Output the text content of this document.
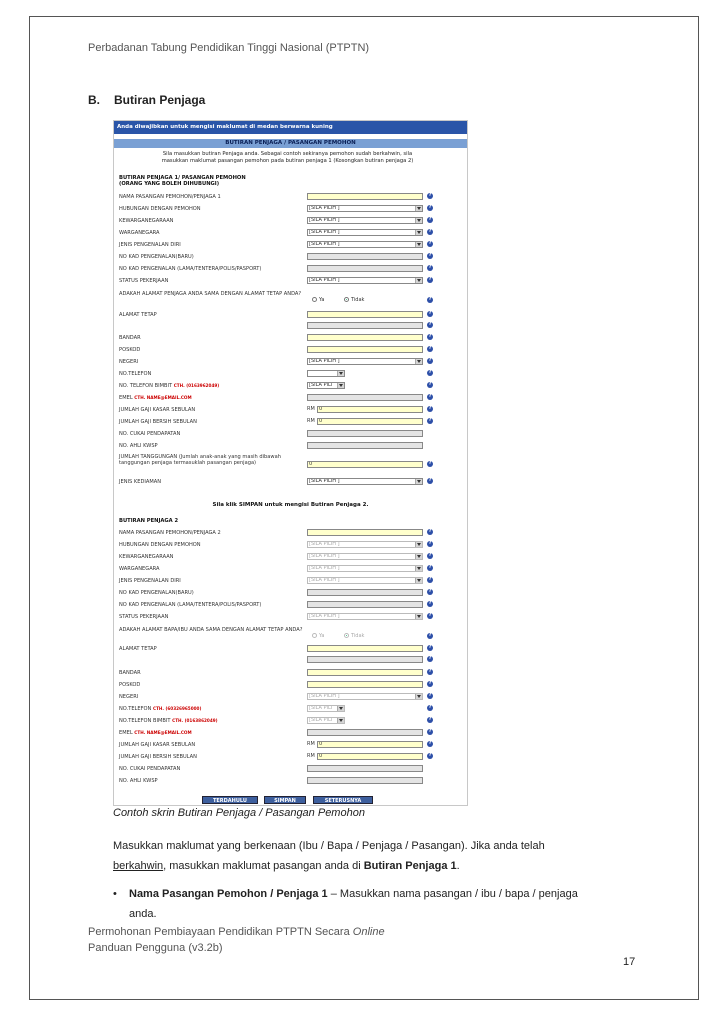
Perbadanan Tabung Pendidikan Tinggi Nasional (PTPTN)
B. Butiran Penjaga
Anda diwajibkan untuk mengisi maklumat di medan berwarna kuning
BUTIRAN PENJAGA / PASANGAN PEMOHON
Sila masukkan butiran Penjaga anda. Sebagai contoh sekiranya pemohon sudah berkahwin, sila masukkan maklumat pasangan pemohon pada butiran penjaga 1 (Kosongkan butiran penjaga 2)
BUTIRAN PENJAGA 1/ PASANGAN PEMOHON
(ORANG YANG BOLEH DIHUBUNGI)
NAMA PASANGAN PEMOHON/PENJAGA 1	?
HUBUNGAN DENGAN PEMOHON	[SILA PILIH ]	?
KEWARGANEGARAAN	[SILA PILIH ]	?
WARGANEGARA	[SILA PILIH ]	?
JENIS PENGENALAN DIRI	[SILA PILIH ]	?
NO KAD PENGENALAN(BARU)	?
NO KAD PENGENALAN (LAMA/TENTERA/POLIS/PASPORT)	?
STATUS PEKERJAAN	[SILA PILIH ]	?
ADAKAH ALAMAT PENJAGA ANDA SAMA DENGAN ALAMAT TETAP ANDA?
Ya	Tidak	?
ALAMAT TETAP	?
?
BANDAR	?
POSKOD	?
NEGERI	[SILA PILIH ]	?
NO.TELEFON	?
NO. TELEFON BIMBIT CTH. (0163962049)	[SILA PILI	?
EMEL CTH. NAME@EMAIL.COM	?
JUMLAH GAJI KASAR SEBULAN	RM 0	?
JUMLAH GAJI BERSIH SEBULAN	RM 0	?
NO. CUKAI PENDAPATAN
NO. AHLI KWSP
JUMLAH TANGGUNGAN (Jumlah anak-anak yang masih dibawah tanggungan penjaga termasuklah pasangan penjaga)	0	?
JENIS KEDIAMAN	[SILA PILIH ]	?
Sila klik SIMPAN untuk mengisi Butiran Penjaga 2.
BUTIRAN PENJAGA 2
NAMA PASANGAN PEMOHON/PENJAGA 2	?
HUBUNGAN DENGAN PEMOHON	[SILA PILIH ]	?
KEWARGANEGARAAN	[SILA PILIH ]	?
WARGANEGARA	[SILA PILIH ]	?
JENIS PENGENALAN DIRI	[SILA PILIH ]	?
NO KAD PENGENALAN(BARU)	?
NO KAD PENGENALAN (LAMA/TENTERA/POLIS/PASPORT)	?
STATUS PEKERJAAN	[SILA PILIH ]	?
ADAKAH ALAMAT BAPA/IBU ANDA SAMA DENGAN ALAMAT TETAP ANDA?
Ya	Tidak	?
ALAMAT TETAP	?
?
BANDAR	?
POSKOD	?
NEGERI	[SILA PILIH ]	?
NO.TELEFON CTH. (60326965000)	[SILA PILI	?
NO.TELEFON BIMBIT CTH. (0163862049)	[SILA PILI	?
EMEL CTH. NAME@EMAIL.COM	?
JUMLAH GAJI KASAR SEBULAN	RM 0	?
JUMLAH GAJI BERSIH SEBULAN	RM 0	?
NO. CUKAI PENDAPATAN
NO. AHLI KWSP
TERDAHULU	SIMPAN	SETERUSNYA
Contoh skrin Butiran Penjaga / Pasangan Pemohon
Masukkan maklumat yang berkenaan (Ibu / Bapa / Penjaga / Pasangan). Jika anda telah
berkahwin, masukkan maklumat pasangan anda di Butiran Penjaga 1.
• Nama Pasangan Pemohon / Penjaga 1 – Masukkan nama pasangan / ibu / bapa / penjaga
anda.
Permohonan Pembiayaan Pendidikan PTPTN Secara Online
Panduan Pengguna (v3.2b)
17
